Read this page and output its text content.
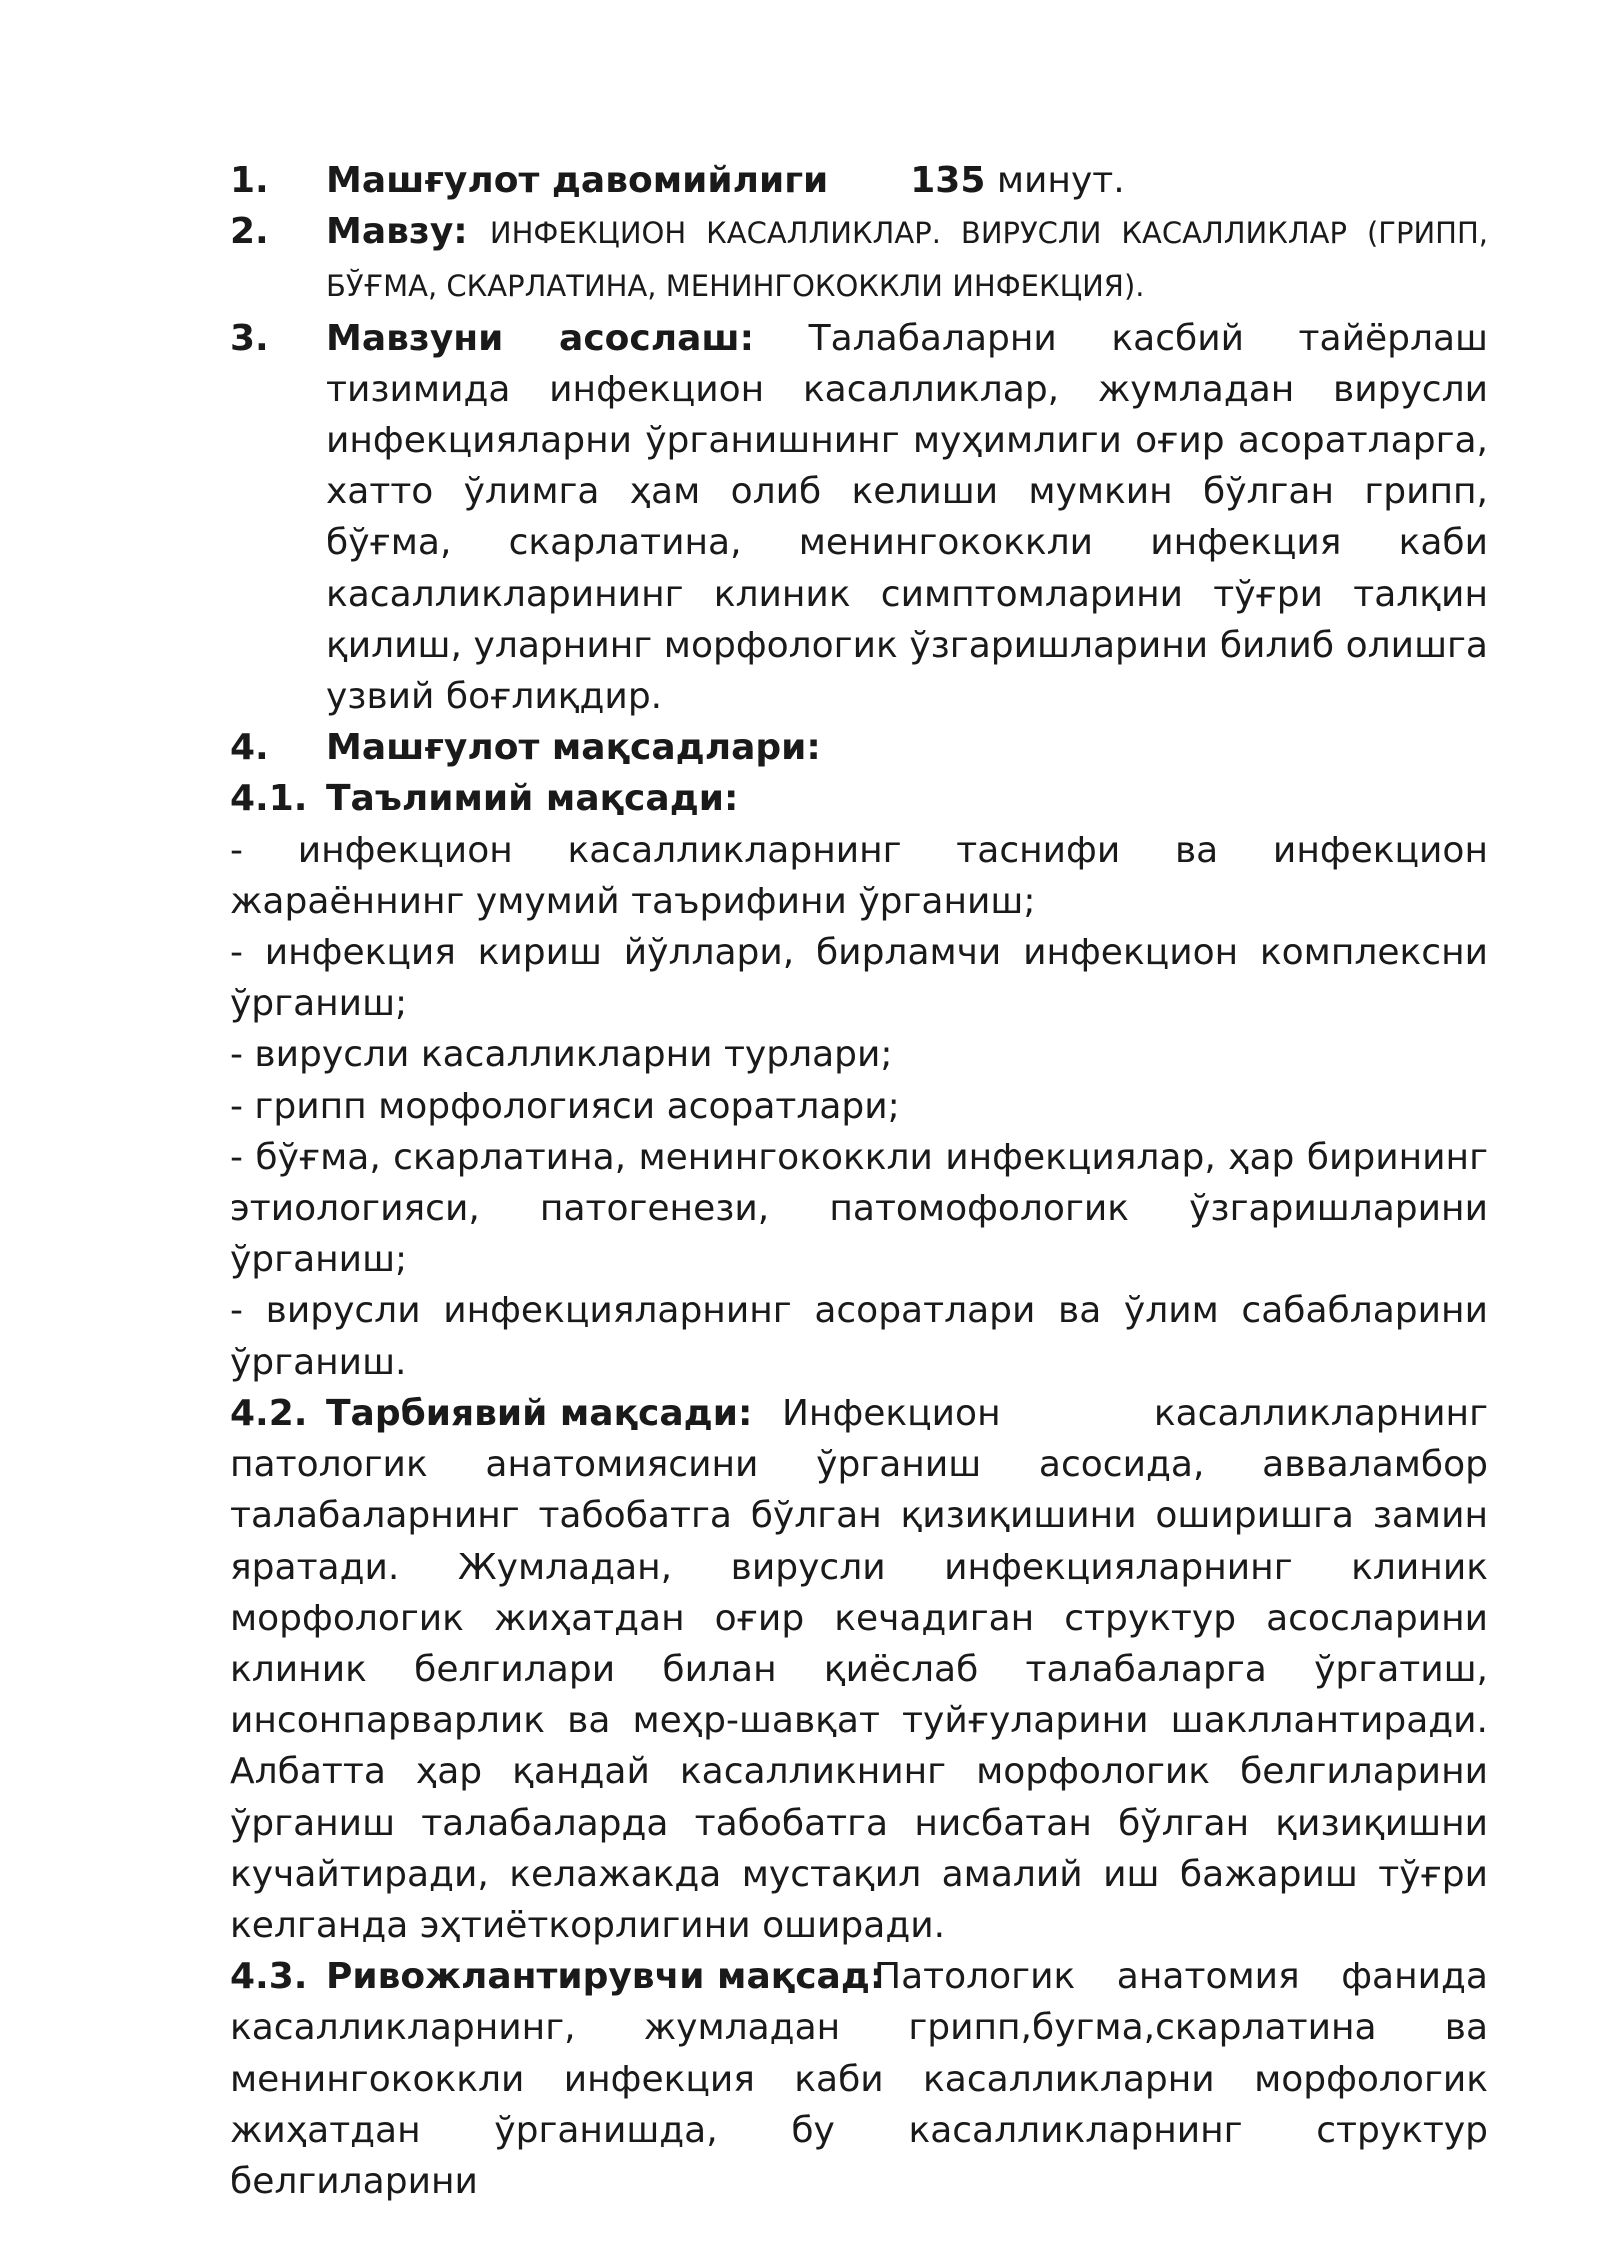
1.	Машғулот давомийлиги 135 минут.
2.	Мавзу: ИНФЕКЦИОН КАСАЛЛИКЛАР. ВИРУСЛИ КАСАЛЛИКЛАР (ГРИПП, БЎҒМА, СКАРЛАТИНА, МЕНИНГОКОККЛИ ИНФЕКЦИЯ).
3.	Мавзуни асослаш: Талабаларни касбий тайёрлаш тизимида инфекцион касалликлар, жумладан вирусли инфекцияларни ўрганишнинг муҳимлиги оғир асоратларга, хатто ўлимга ҳам олиб келиши мумкин бўлган грипп, бўғма, скарлатина, менингококкли инфекция каби касалликларининг клиник симптомларини тўғри талқин қилиш, уларнинг морфологик ўзгаришларини билиб олишга узвий боғлиқдир.
4.	Машғулот мақсадлари:
4.1. Таълимий мақсади:

- инфекцион касалликларнинг таснифи ва инфекцион жараённинг умумий таърифини ўрганиш;

- инфекция кириш йўллари, бирламчи инфекцион комплексни ўрганиш;

- вирусли касалликларни турлари;

- грипп морфологияси асоратлари;

- бўғма, скарлатина, менингококкли инфекциялар, ҳар бирининг этиологияси, патогенези, патомофологик ўзгаришларини ўрганиш;

- вирусли инфекцияларнинг асоратлари ва ўлим сабабларини ўрганиш.

4.2. Тарбиявий мақсади: Инфекцион касалликларнинг патологик анатомиясини ўрганиш асосида, авваламбор талабаларнинг табобатга бўлган қизиқишини оширишга замин яратади. Жумладан, вирусли инфекцияларнинг клиник морфологик жиҳатдан оғир кечадиган структур асосларини клиник белгилари билан қиёслаб талабаларга ўргатиш, инсонпарварлик ва меҳр-шавқат туйғуларини шакллантиради. Албатта ҳар қандай касалликнинг морфологик белгиларини ўрганиш талабаларда табобатга нисбатан бўлган қизиқишни кучайтиради, келажакда мустақил амалий иш бажариш тўғри келганда эҳтиёткорлигини оширади.

4.3. Ривожлантирувчи мақсад:

Патологик анатомия фанида касалликларнинг, жумладан грипп,бугма,скарлатина ва менингококкли инфекция каби касалликларни морфологик жиҳатдан ўрганишда, бу касалликларнинг структур белгиларини
